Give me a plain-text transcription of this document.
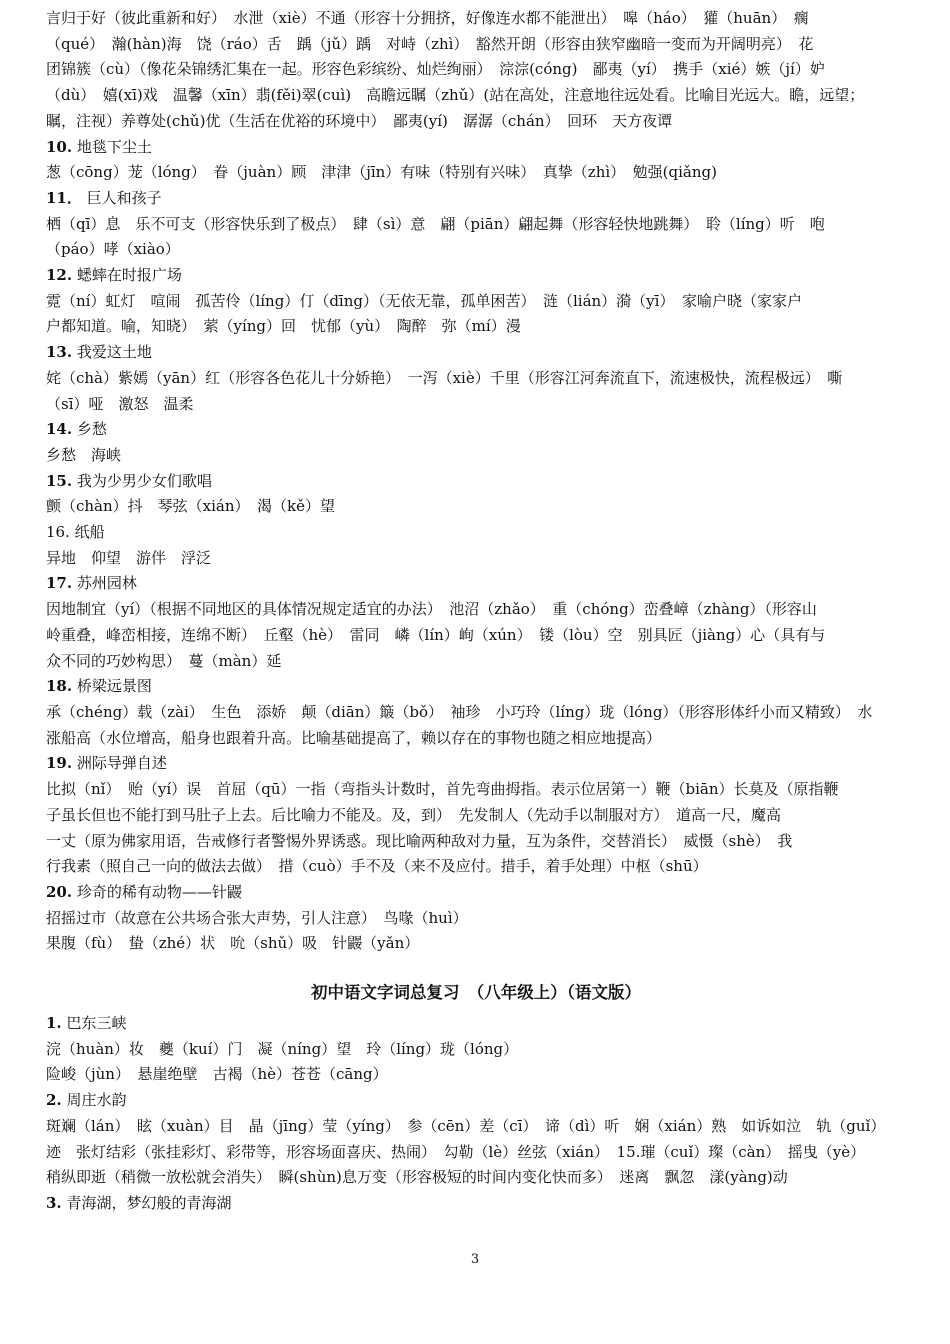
言归于好（彼此重新和好）　水泄（xiè）不通（形容十分拥挤，好像连水都不能泄出）　嗥（háo）　獾（huān）　瘸
（qué）　瀚(hàn)海　饶（ráo）舌　踽（jǔ）踽　对峙（zhì）　豁然开朗（形容由狭窄幽暗一变而为开阔明亮）　花
团锦簇（cù）（像花朵锦绣汇集在一起。形容色彩缤纷、灿烂绚丽）　淙淙(cóng)　鄙夷（yí）　携手（xié）嫉（jí）妒
（dù）　嬉(xī)戏　温馨（xīn）翡(fěi)翠(cuì)　高瞻远瞩（zhǔ）(站在高处，注意地往远处看。比喻目光远大。瞻，远望；
瞩，注视）养尊处(chǔ)优（生活在优裕的环境中）　鄙夷(yí)　潺潺（chán）　回环　天方夜谭
10. 地毯下尘土
葱（cōng）茏（lóng）　眷（juàn）顾　津津（jīn）有味（特别有兴味）　真挚（zhì）　勉强(qiǎng)
11． 巨人和孩子
栖（qī）息　乐不可支（形容快乐到了极点）　肆（sì）意　翩（piān）翩起舞（形容轻快地跳舞）　聆（líng）听　咆
（páo）哮（xiào）
12. 蟋蟀在时报广场
霓（ní）虹灯　喧闹　孤苦伶（líng）仃（dīng）（无依无靠，孤单困苦）　涟（lián）漪（yī）　家喻户晓（家家户
户都知道。喻，知晓）　萦（yíng）回　忧郁（yù）　陶醉　弥（mí）漫
13. 我爱这土地
姹（chà）紫嫣（yān）红（形容各色花儿十分娇艳）　一泻（xiè）千里（形容江河奔流直下，流速极快，流程极远）　嘶
（sī）哑　激怒　温柔
14. 乡愁
乡愁　海峡
15. 我为少男少女们歌唱
颤（chàn）抖　琴弦（xián）　渴（kě）望
16. 纸船
异地　仰望　游伴　浮泛
17. 苏州园林
因地制宜（yí）（根据不同地区的具体情况规定适宜的办法）　池沼（zhǎo）　重（chóng）峦叠嶂（zhàng）（形容山
岭重叠，峰峦相接，连绵不断）　丘壑（hè）　雷同　嶙（lín）峋（xún）　镂（lòu）空　别具匠（jiàng）心（具有与
众不同的巧妙构思）　蔓（màn）延
18. 桥梁远景图
承（chéng）载（zài）　生色　添娇　颠（diān）簸（bǒ）　袖珍　小巧玲（líng）珑（lóng）（形容形体纤小而又精致）　水
涨船高（水位增高，船身也跟着升高。比喻基础提高了，赖以存在的事物也随之相应地提高）
19. 洲际导弹自述
比拟（nǐ）　贻（yí）误　首屈（qū）一指（弯指头计数时，首先弯曲拇指。表示位居第一）鞭（biān）长莫及（原指鞭
子虽长但也不能打到马肚子上去。后比喻力不能及。及，到）　先发制人（先动手以制服对方）　道高一尺，魔高
一丈（原为佛家用语，告戒修行者警惕外界诱惑。现比喻两种敌对力量，互为条件，交替消长）　威慑（shè）　我
行我素（照自己一向的做法去做）　措（cuò）手不及（来不及应付。措手，着手处理）中枢（shū）
20. 珍奇的稀有动物——针鼹
招摇过市（故意在公共场合张大声势，引人注意）　鸟喙（huì）
果腹（fù）　蛰（zhé）状　吮（shǔ）吸　针鼹（yǎn）
初中语文字词总复习　（八年级上）（语文版）
1. 巴东三峡
浣（huàn）妆　夔（kuí）门　凝（níng）望　玲（líng）珑（lóng）
险峻（jùn）　悬崖绝壁　古褐（hè）苍苍（cāng）
2. 周庄水韵
斑斓（lán）　眩（xuàn）目　晶（jīng）莹（yíng）　参（cēn）差（cī）　谛（dì）听　娴（xián）熟　如诉如泣　轨（guǐ）
迹　张灯结彩（张挂彩灯、彩带等，形容场面喜庆、热闹）　勾勒（lè）丝弦（xián）　15.璀（cuǐ）璨（càn）　摇曳（yè）
稍纵即逝（稍微一放松就会消失）　瞬(shùn)息万变（形容极短的时间内变化快而多）　迷离　飘忽　漾(yàng)动
3. 青海湖，梦幻般的青海湖
3
